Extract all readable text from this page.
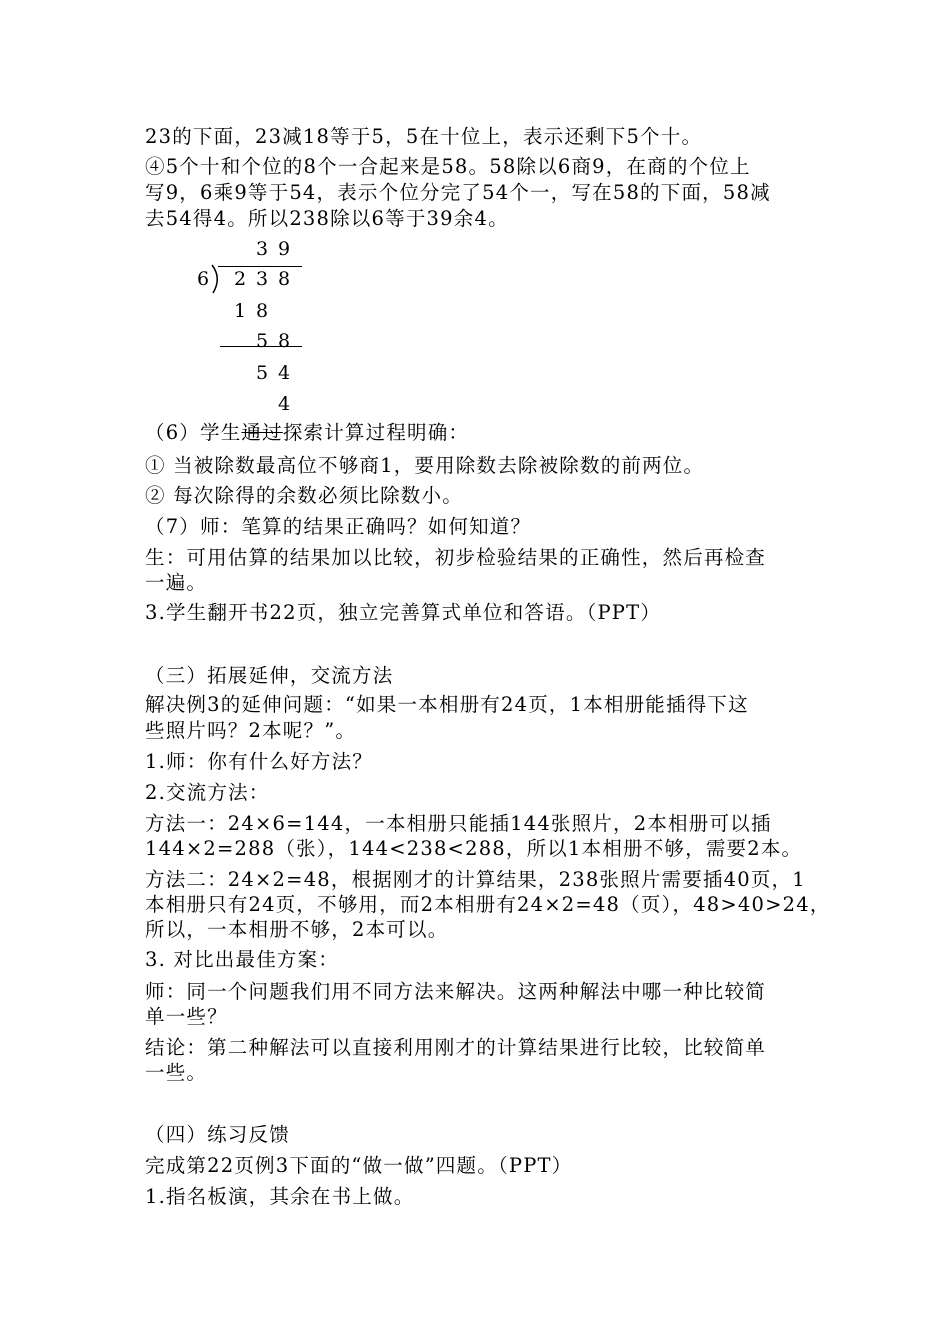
23的下面，23减18等于5，5在十位上，表示还剩下5个十。
④5个十和个位的8个一合起来是58。58除以6商9，在商的个位上
写9，6乘9等于54，表示个位分完了54个一，写在58的下面，58减
去54得4。所以238除以6等于39余4。
3 9
6 2 3 8
1 8
5 8
5 4
4
（6）学生通过探索计算过程明确：
① 当被除数最高位不够商1，要用除数去除被除数的前两位。
② 每次除得的余数必须比除数小。
（7）师：笔算的结果正确吗？如何知道？
生：可用估算的结果加以比较，初步检验结果的正确性，然后再检查
一遍。
3.学生翻开书22页，独立完善算式单位和答语。（PPT）
（三）拓展延伸，交流方法
解决例3的延伸问题：“如果一本相册有24页，1本相册能插得下这
些照片吗？2本呢？”。
1.师：你有什么好方法？
2.交流方法：
方法一：24×6=144，一本相册只能插144张照片，2本相册可以插
144×2=288（张），144<238<288，所以1本相册不够，需要2本。
方法二：24×2=48，根据刚才的计算结果，238张照片需要插40页，1
本相册只有24页，不够用，而2本相册有24×2=48（页），48>40>24，
所以，一本相册不够，2本可以。
3. 对比出最佳方案：
师：同一个问题我们用不同方法来解决。这两种解法中哪一种比较简
单一些？
结论：第二种解法可以直接利用刚才的计算结果进行比较，比较简单
一些。
（四）练习反馈
完成第22页例3下面的“做一做”四题。（PPT）
1.指名板演，其余在书上做。
